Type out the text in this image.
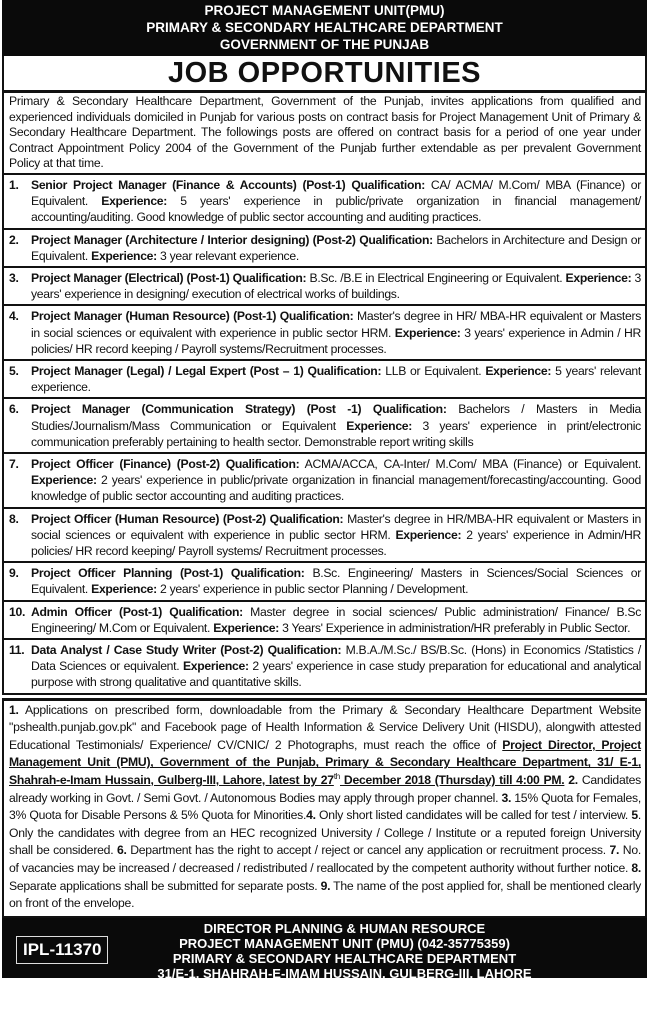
PROJECT MANAGEMENT UNIT(PMU)
PRIMARY & SECONDARY HEALTHCARE DEPARTMENT
GOVERNMENT OF THE PUNJAB
JOB OPPORTUNITIES
Primary & Secondary Healthcare Department, Government of the Punjab, invites applications from qualified and experienced individuals domiciled in Punjab for various posts on contract basis for Project Management Unit of Primary & Secondary Healthcare Department. The followings posts are offered on contract basis for a period of one year under Contract Appointment Policy 2004 of the Government of the Punjab further extendable as per prevalent Government Policy at that time.
1. Senior Project Manager (Finance & Accounts) (Post-1) Qualification: CA/ ACMA/ M.Com/ MBA (Finance) or Equivalent. Experience: 5 years' experience in public/private organization in financial management/ accounting/auditing. Good knowledge of public sector accounting and auditing practices.
2. Project Manager (Architecture / Interior designing) (Post-2) Qualification: Bachelors in Architecture and Design or Equivalent. Experience: 3 year relevant experience.
3. Project Manager (Electrical) (Post-1) Qualification: B.Sc. /B.E in Electrical Engineering or Equivalent. Experience: 3 years' experience in designing/ execution of electrical works of buildings.
4. Project Manager (Human Resource) (Post-1) Qualification: Master's degree in HR/ MBA-HR equivalent or Masters in social sciences or equivalent with experience in public sector HRM. Experience: 3 years' experience in Admin / HR policies/ HR record keeping / Payroll systems/Recruitment processes.
5. Project Manager (Legal) / Legal Expert (Post – 1) Qualification: LLB or Equivalent. Experience: 5 years' relevant experience.
6. Project Manager (Communication Strategy) (Post -1) Qualification: Bachelors / Masters in Media Studies/Journalism/Mass Communication or Equivalent Experience: 3 years' experience in print/electronic communication preferably pertaining to health sector. Demonstrable report writing skills
7. Project Officer (Finance) (Post-2) Qualification: ACMA/ACCA, CA-Inter/ M.Com/ MBA (Finance) or Equivalent. Experience: 2 years' experience in public/private organization in financial management/forecasting/accounting. Good knowledge of public sector accounting and auditing practices.
8. Project Officer (Human Resource) (Post-2) Qualification: Master's degree in HR/MBA-HR equivalent or Masters in social sciences or equivalent with experience in public sector HRM. Experience: 2 years' experience in Admin/HR policies/ HR record keeping/ Payroll systems/ Recruitment processes.
9. Project Officer Planning (Post-1) Qualification: B.Sc. Engineering/ Masters in Sciences/Social Sciences or Equivalent. Experience: 2 years' experience in public sector Planning / Development.
10. Admin Officer (Post-1) Qualification: Master degree in social sciences/ Public administration/ Finance/ B.Sc Engineering/ M.Com or Equivalent. Experience: 3 Years' Experience in administration/HR preferably in Public Sector.
11. Data Analyst / Case Study Writer (Post-2) Qualification: M.B.A./M.Sc./ BS/B.Sc. (Hons) in Economics /Statistics / Data Sciences or equivalent. Experience: 2 years' experience in case study preparation for educational and analytical purpose with strong qualitative and quantitative skills.
1. Applications on prescribed form, downloadable from the Primary & Secondary Healthcare Department Website "pshealth.punjab.gov.pk" and Facebook page of Health Information & Service Delivery Unit (HISDU), alongwith attested Educational Testimonials/ Experience/ CV/CNIC/ 2 Photographs, must reach the office of Project Director, Project Management Unit (PMU), Government of the Punjab, Primary & Secondary Healthcare Department, 31/ E-1, Shahrah-e-Imam Hussain, Gulberg-III, Lahore, latest by 27th December 2018 (Thursday) till 4:00 PM. 2. Candidates already working in Govt. / Semi Govt. / Autonomous Bodies may apply through proper channel. 3. 15% Quota for Females, 3% Quota for Disable Persons & 5% Quota for Minorities.4. Only short listed candidates will be called for test / interview. 5. Only the candidates with degree from an HEC recognized University / College / Institute or a reputed foreign University shall be considered. 6. Department has the right to accept / reject or cancel any application or recruitment process. 7. No. of vacancies may be increased / decreased / redistributed / reallocated by the competent authority without further notice. 8. Separate applications shall be submitted for separate posts. 9. The name of the post applied for, shall be mentioned clearly on front of the envelope.
IPL-11370
DIRECTOR PLANNING & HUMAN RESOURCE
PROJECT MANAGEMENT UNIT (PMU) (042-35775359)
PRIMARY & SECONDARY HEALTHCARE DEPARTMENT
31/E-1, SHAHRAH-E-IMAM HUSSAIN, GULBERG-III, LAHORE
